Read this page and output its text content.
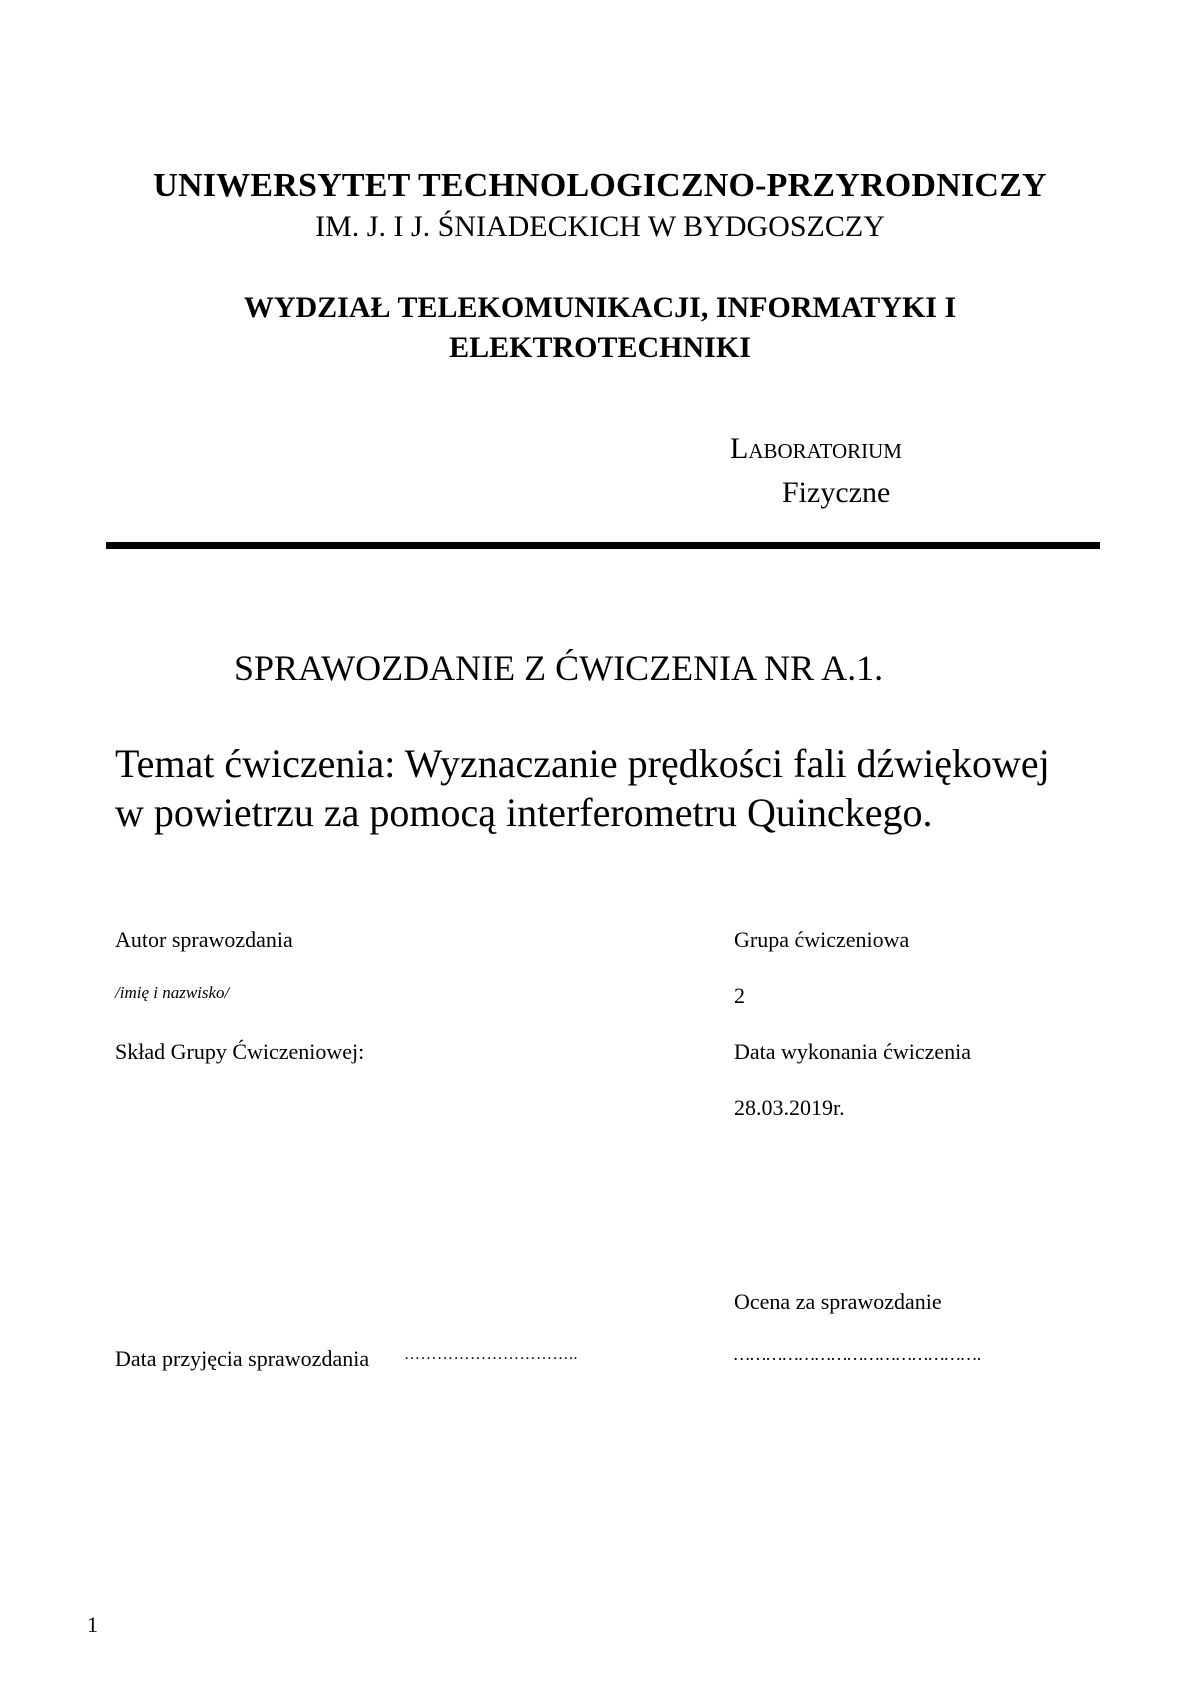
UNIWERSYTET TECHNOLOGICZNO-PRZYRODNICZY
IM. J. I J. ŚNIADECKICH W BYDGOSZCZY
WYDZIAŁ TELEKOMUNIKACJI, INFORMATYKI I
ELEKTROTECHNIKI
Laboratorium
Fizyczne
SPRAWOZDANIE Z ĆWICZENIA NR A.1.
Temat ćwiczenia: Wyznaczanie prędkości fali dźwiękowej
w powietrzu za pomocą interferometru Quinckego.
Autor sprawozdania
/imię i nazwisko/
Skład Grupy Ćwiczeniowej:
Grupa ćwiczeniowa
2
Data wykonania ćwiczenia
28.03.2019r.
Ocena za sprawozdanie
……………………………………….
Data przyjęcia sprawozdania …………………………..
1
